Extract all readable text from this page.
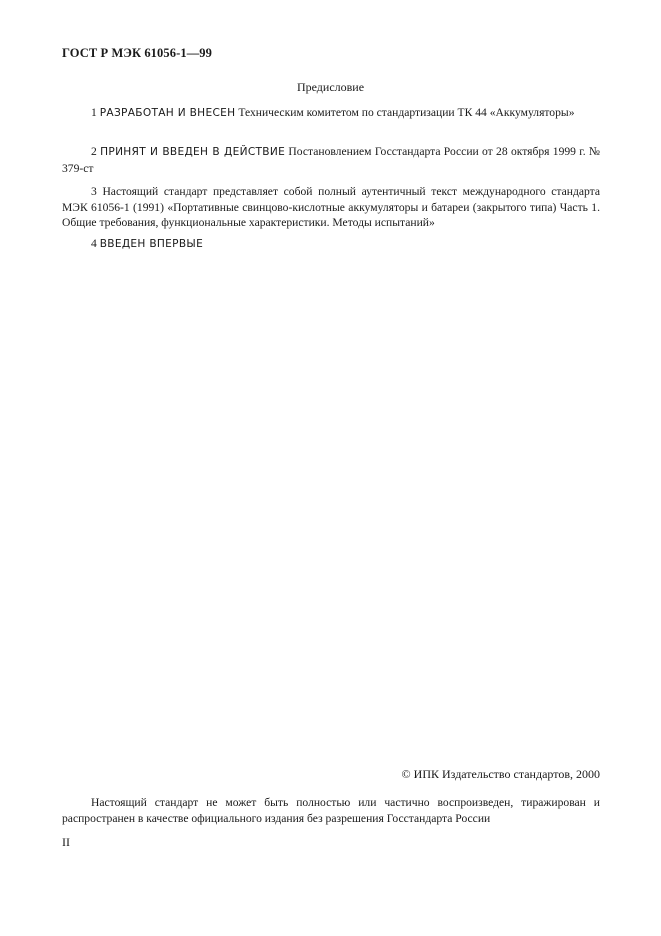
ГОСТ Р МЭК 61056-1—99
Предисловие
1 РАЗРАБОТАН И ВНЕСЕН Техническим комитетом по стандартизации ТК 44 «Аккумуляторы»
2 ПРИНЯТ И ВВЕДЕН В ДЕЙСТВИЕ Постановлением Госстандарта России от 28 октября 1999 г. № 379-ст
3 Настоящий стандарт представляет собой полный аутентичный текст международного стандарта МЭК 61056-1 (1991) «Портативные свинцово-кислотные аккумуляторы и батареи (закрытого типа) Часть 1. Общие требования, функциональные характеристики. Методы испытаний»
4 ВВЕДЕН ВПЕРВЫЕ
© ИПК Издательство стандартов, 2000
Настоящий стандарт не может быть полностью или частично воспроизведен, тиражирован и распространен в качестве официального издания без разрешения Госстандарта России
II
